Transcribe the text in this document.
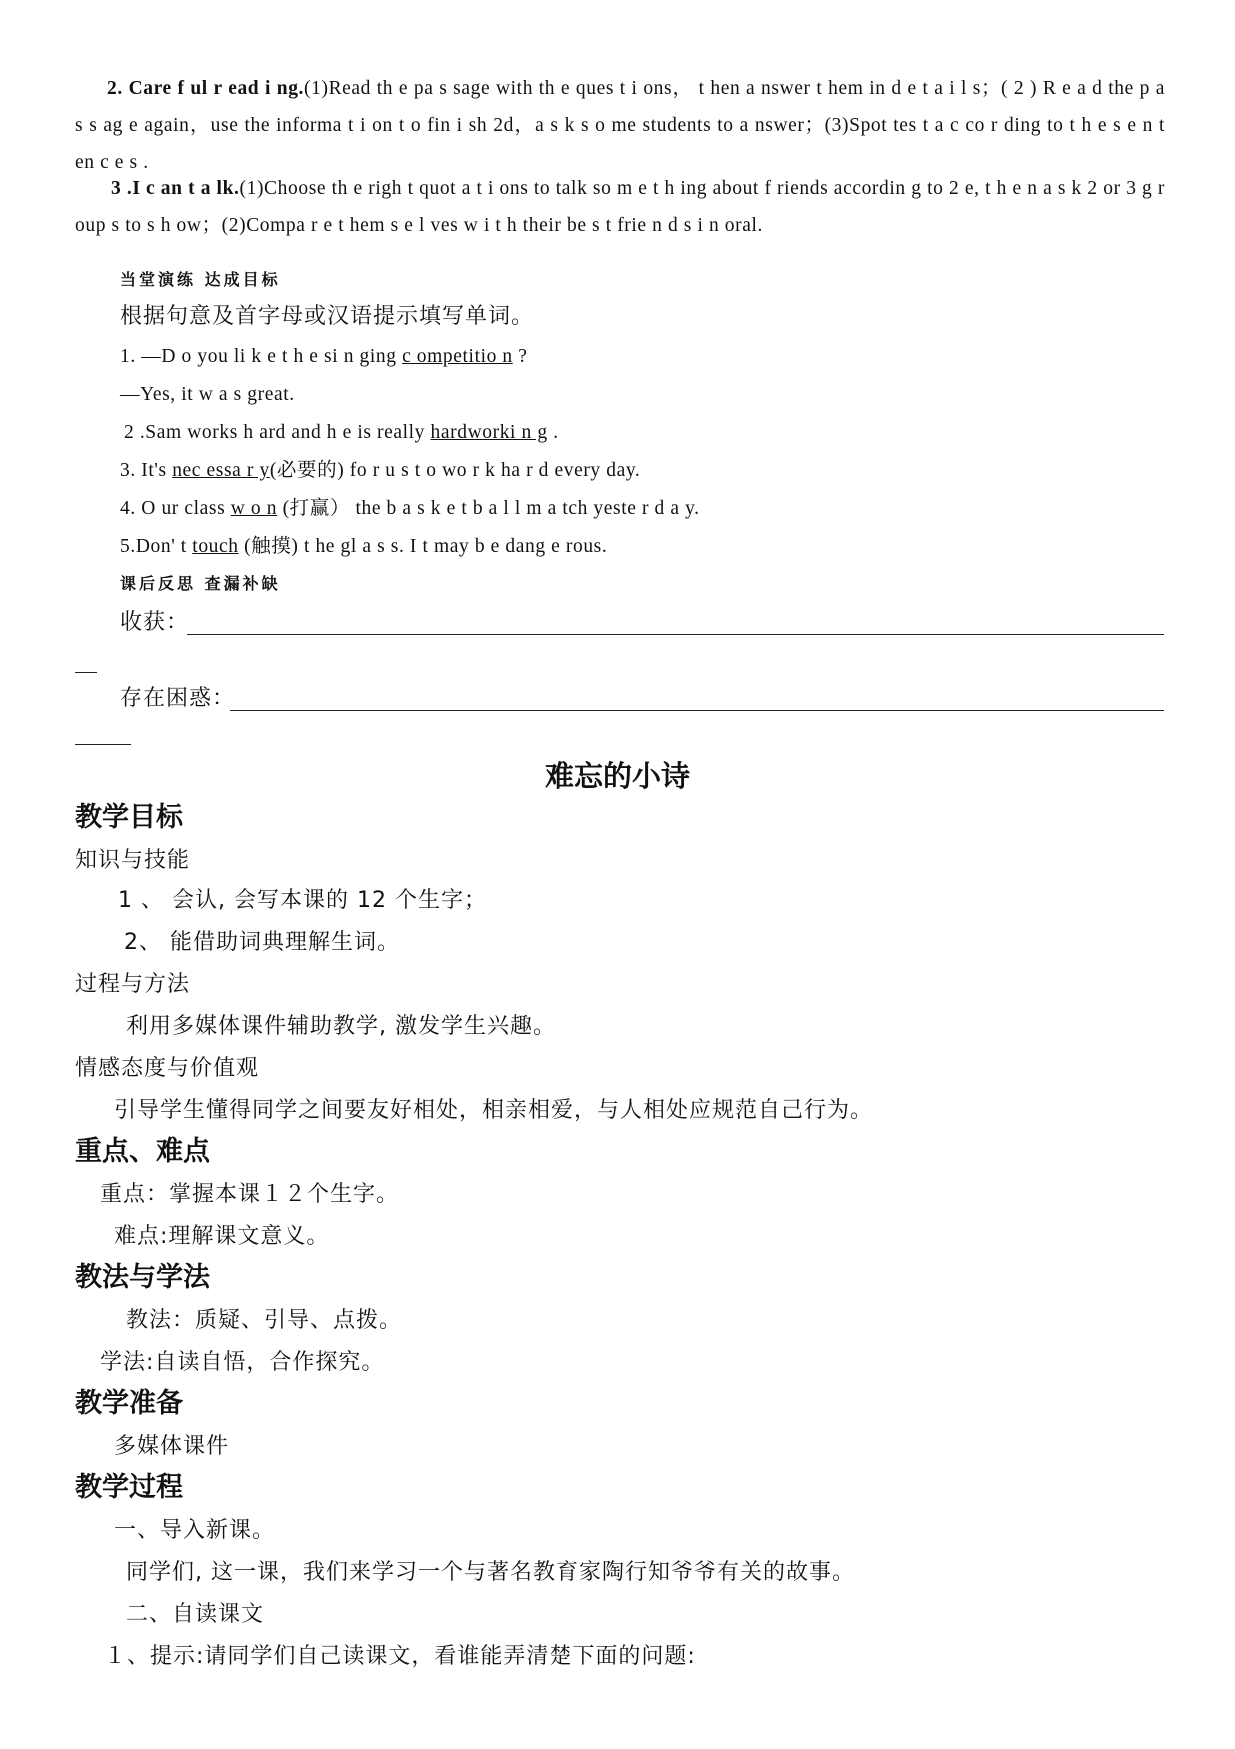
2. Care f ul r ead i ng.(1)Read th e pa s sage with th e ques t i ons， t hen a nswer t hem in d e t a i l s；( 2 ) R e a d the p a s s ag e again，use the informa t i on t o fin i sh 2d，a s k s o me students to a nswer；(3)Spot tes t a c co r ding to t h e s e n t en c e s .
3 .I c an t a lk.(1)Choose th e righ t quot a t i ons to talk so m e t h ing about f riends accordin g to 2 e, t h e n a s k 2 or 3 g r oup s to s h ow；(2)Compa r e t hem s e l ves w i t h their be s t frie n d s i n oral.
当堂演练 达成目标
根据句意及首字母或汉语提示填写单词。
1. —D o you li k e t h e si n ging c ompetitio n ?
—Yes, it w a s great.
2 .Sam works h ard and h e is really hardworki n g .
3. It's nec essa r y(必要的) fo r u s t o wo r k ha r d every day.
4. O ur class w o n (打赢） the b a s k e t b a l l m a tch yeste r d a y.
5.Don' t touch (触摸) t he gl a s s. I t may b e dang e rous.
课后反思 查漏补缺
收获：
存在困惑：
难忘的小诗
教学目标
知识与技能
1 、 会认, 会写本课的 12 个生字；
2、 能借助词典理解生词。
过程与方法
利用多媒体课件辅助教学, 激发学生兴趣。
情感态度与价值观
引导学生懂得同学之间要友好相处，相亲相爱，与人相处应规范自己行为。
重点、难点
重点：掌握本课１２个生字。
难点:理解课文意义。
教法与学法
教法：质疑、引导、点拨。
学法:自读自悟，合作探究。
教学准备
多媒体课件
教学过程
一、导入新课。
同学们, 这一课，我们来学习一个与著名教育家陶行知爷爷有关的故事。
二、自读课文
１、提示:请同学们自己读课文，看谁能弄清楚下面的问题:
